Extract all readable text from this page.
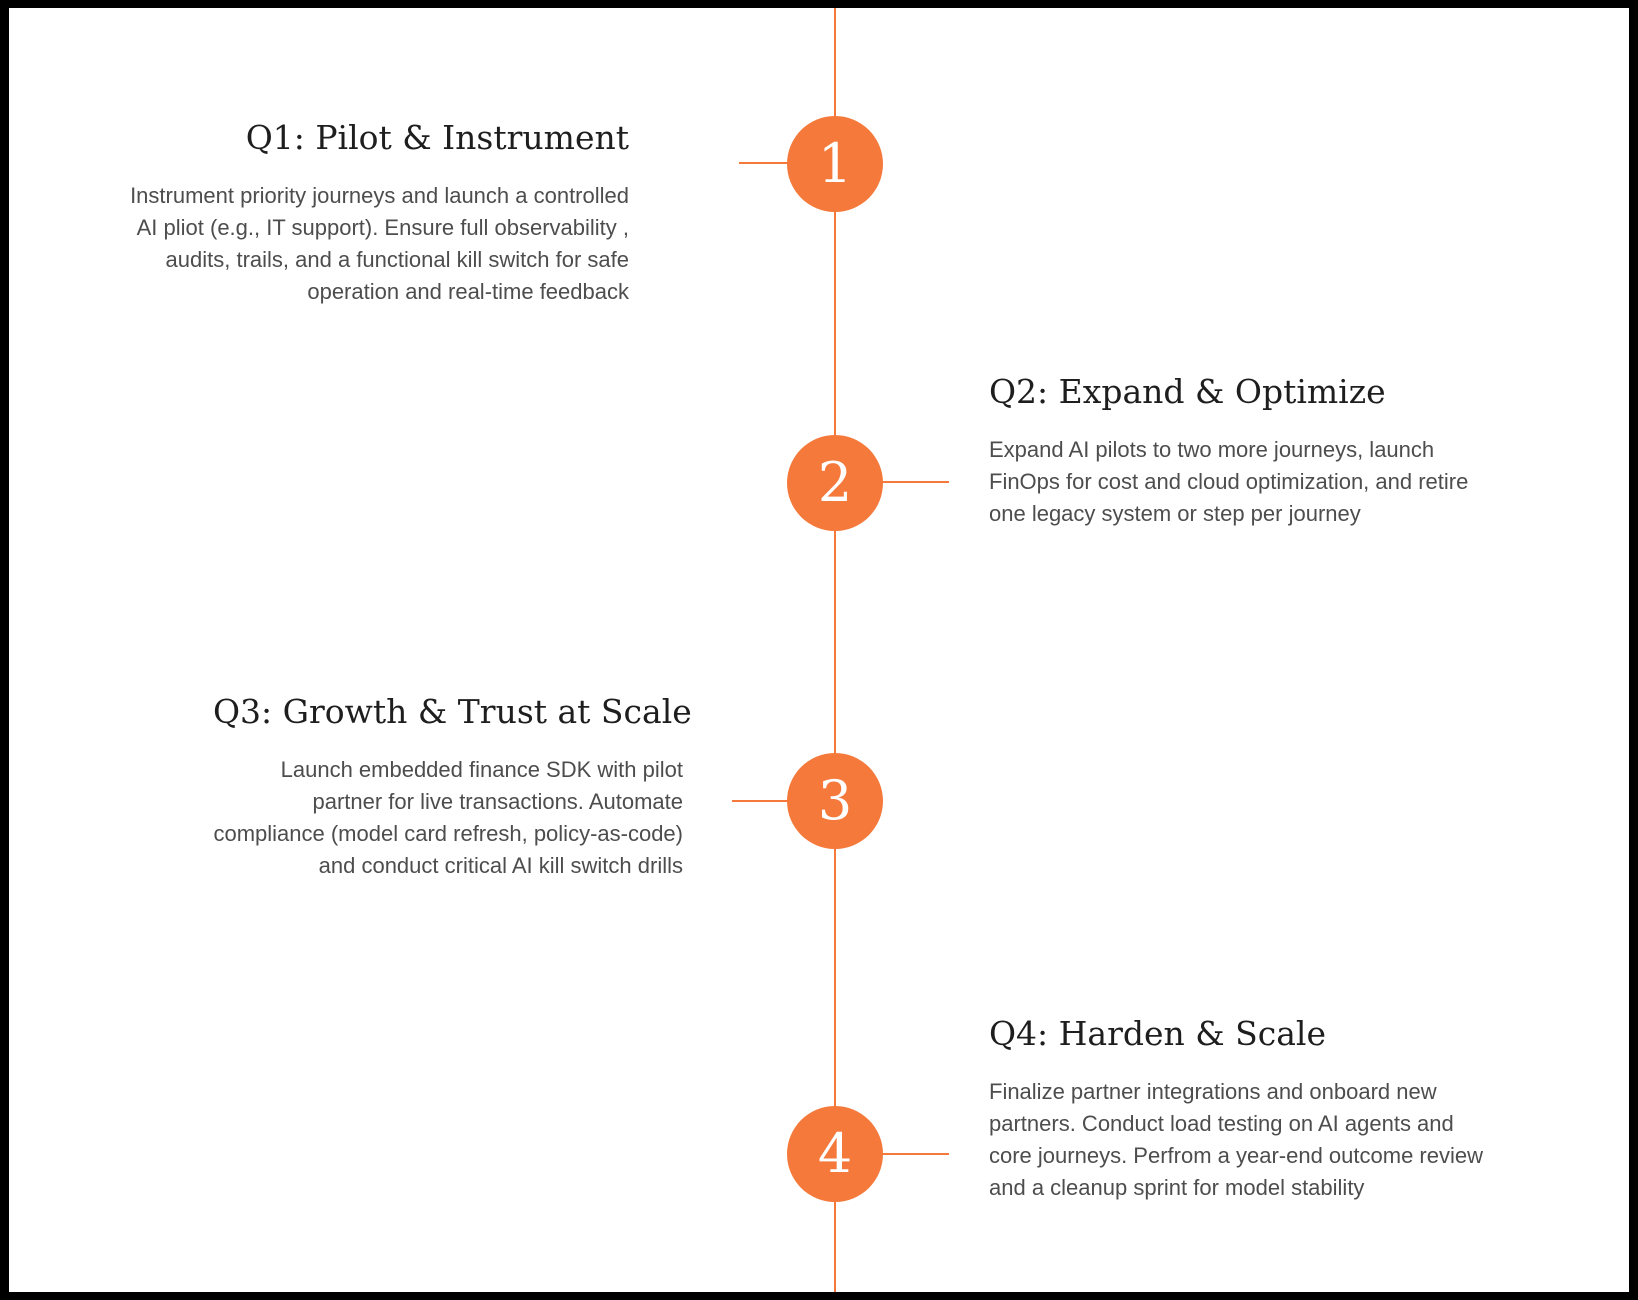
1
Q1: Pilot & Instrument

Instrument priority journeys and launch a controlled AI pliot (e.g., IT support). Ensure full observability , audits, trails, and a functional kill switch for safe operation and real-time feedback

2
Q2: Expand & Optimize

Expand AI pilots to two more journeys, launch FinOps for cost and cloud optimization, and retire one legacy system or step per journey

3
Q3: Growth & Trust at Scale

Launch embedded finance SDK with pilot partner for live transactions. Automate compliance (model card refresh, policy-as-code) and conduct critical AI kill switch drills

4
Q4: Harden & Scale

Finalize partner integrations and onboard new partners. Conduct load testing on AI agents and core journeys. Perfrom a year-end outcome review and a cleanup sprint for model stability
